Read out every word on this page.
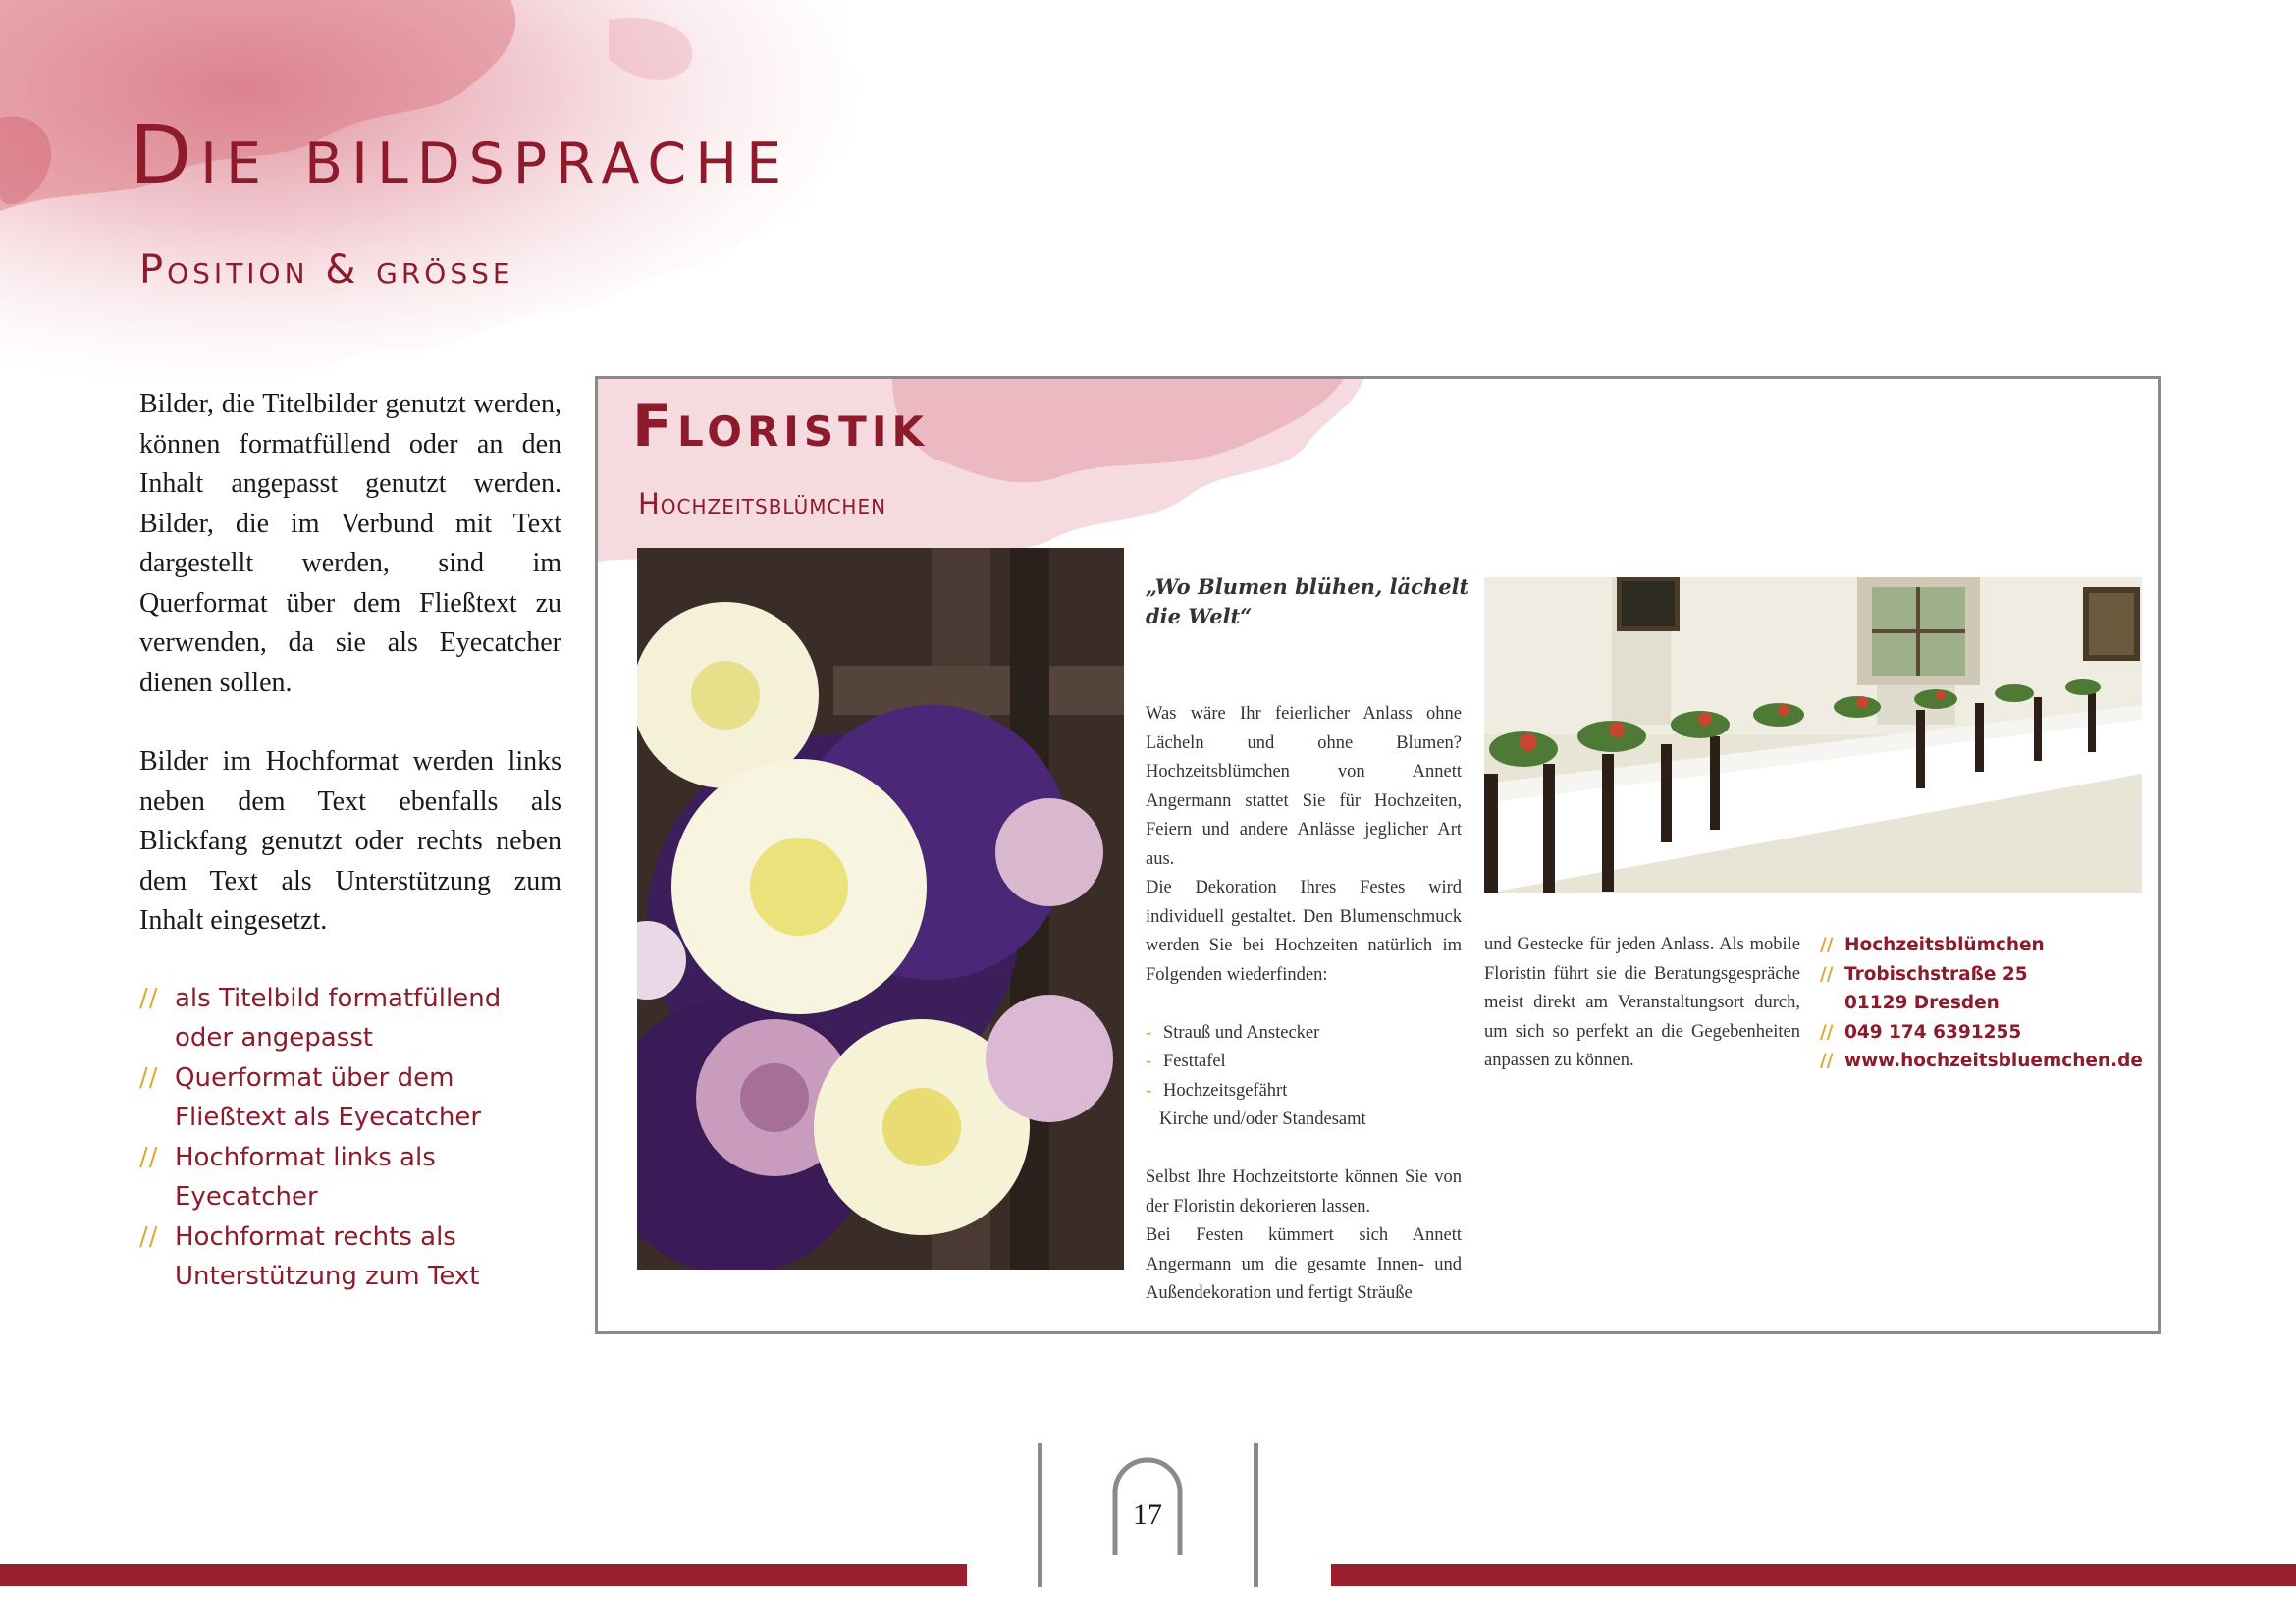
Die bildsprache
Position & grösse

Bilder, die Titelbilder genutzt werden, können formatfüllend oder an den Inhalt angepasst genutzt werden. Bilder, die im Verbund mit Text dargestellt werden, sind im Querformat über dem Fließtext zu verwenden, da sie als Eyecatcher dienen sollen.

Bilder im Hochformat werden links neben dem Text ebenfalls als Blickfang genutzt oder rechts neben dem Text als Unterstützung zum Inhalt eingesetzt.

// als Titelbild formatfüllend oder angepasst
// Querformat über dem Fließtext als Eyecatcher
// Hochformat links als Eyecatcher
// Hochformat rechts als Unterstützung zum Text
Floristik
Hochzeitsblümchen

„Wo Blumen blühen, lächelt die Welt“

Was wäre Ihr feierlicher Anlass ohne Lächeln und ohne Blumen? Hochzeitsblümchen von Annett Angermann stattet Sie für Hochzeiten, Feiern und andere Anlässe jeglicher Art aus.

Die Dekoration Ihres Festes wird individuell gestaltet. Den Blumenschmuck werden Sie bei Hochzeiten natürlich im Folgenden wiederfinden:

- Strauß und Anstecker
- Festtafel
- Hochzeitsgefährt
Kirche und/oder Standesamt

Selbst Ihre Hochzeitstorte können Sie von der Floristin dekorieren lassen.

Bei Festen kümmert sich Annett Angermann um die gesamte Innen- und Außendekoration und fertigt Sträuße

und Gestecke für jeden Anlass. Als mobile Floristin führt sie die Beratungsgespräche meist direkt am Veranstaltungsort durch, um sich so perfekt an die Gegebenheiten anpassen zu können.

// Hochzeitsblümchen
// Trobischstraße 25
01129 Dresden
// 049 174 6391255
// www.hochzeitsbluemchen.de
17
